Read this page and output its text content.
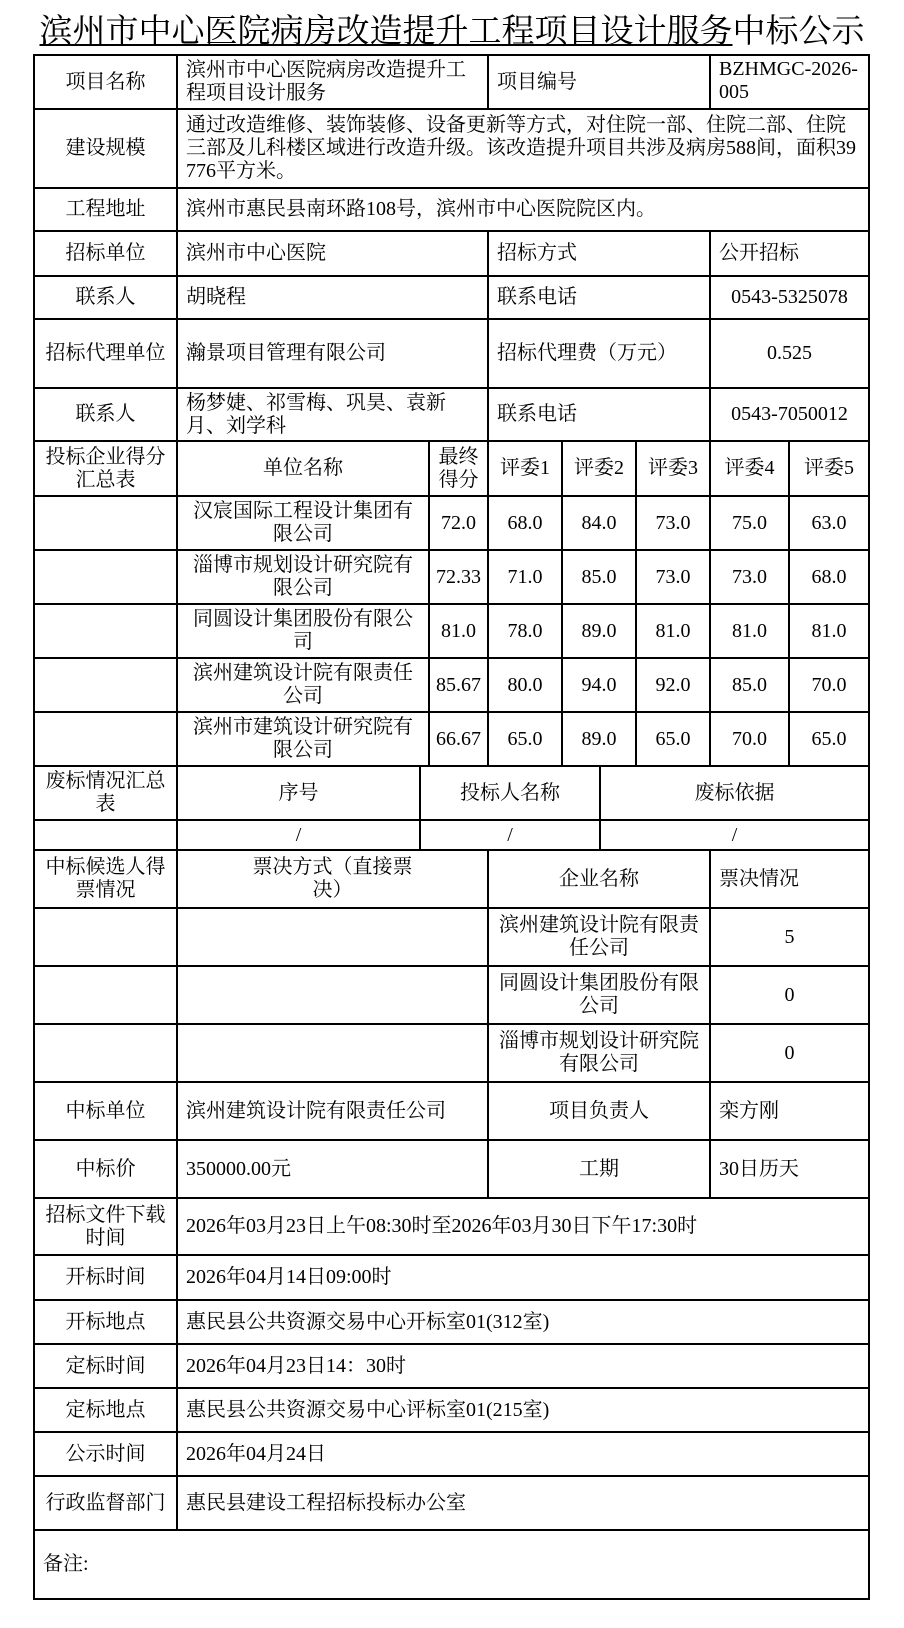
滨州市中心医院病房改造提升工程项目设计服务中标公示
项目名称	滨州市中心医院病房改造提升工程项目设计服务			项目编号				BZHMGC-2026-005	
建设规模	通过改造维修、装饰装修、设备更新等方式，对住院一部、住院二部、住院三部及儿科楼区域进行改造升级。该改造提升项目共涉及病房588间，面积39776平方米。								
工程地址	滨州市惠民县南环路108号，滨州市中心医院院区内。								
招标单位	滨州市中心医院			招标方式				公开招标	
联系人	胡晓程			联系电话				0543-5325078	
招标代理单位	瀚景项目管理有限公司			招标代理费（万元）				0.525	
联系人	杨梦婕、祁雪梅、巩昊、袁新月、刘学科			联系电话				0543-7050012	
投标企业得分汇总表	单位名称		最终得分	评委1	评委2		评委3	评委4	评委5
	汉宸国际工程设计集团有限公司		72.0	68.0	84.0		73.0	75.0	63.0
	淄博市规划设计研究院有限公司		72.33	71.0	85.0		73.0	73.0	68.0
	同圆设计集团股份有限公司		81.0	78.0	89.0		81.0	81.0	81.0
	滨州建筑设计院有限责任公司		85.67	80.0	94.0		92.0	85.0	70.0
	滨州市建筑设计研究院有限公司		66.67	65.0	89.0		65.0	70.0	65.0
废标情况汇总表	序号	投标人名称				废标依据			
	/	/				/			
中标候选人得票情况	票决方式（直接票决）			企业名称				票决情况	
				滨州建筑设计院有限责任公司				5	
				同圆设计集团股份有限公司				0	
				淄博市规划设计研究院有限公司				0	
中标单位	滨州建筑设计院有限责任公司			项目负责人				栾方刚	
中标价	350000.00元			工期				30日历天	
招标文件下载时间	2026年03月23日上午08:30时至2026年03月30日下午17:30时								
开标时间	2026年04月14日09:00时								
开标地点	惠民县公共资源交易中心开标室01(312室)								
定标时间	2026年04月23日14：30时								
定标地点	惠民县公共资源交易中心评标室01(215室)								
公示时间	2026年04月24日								
行政监督部门	惠民县建设工程招标投标办公室								
备注:									
